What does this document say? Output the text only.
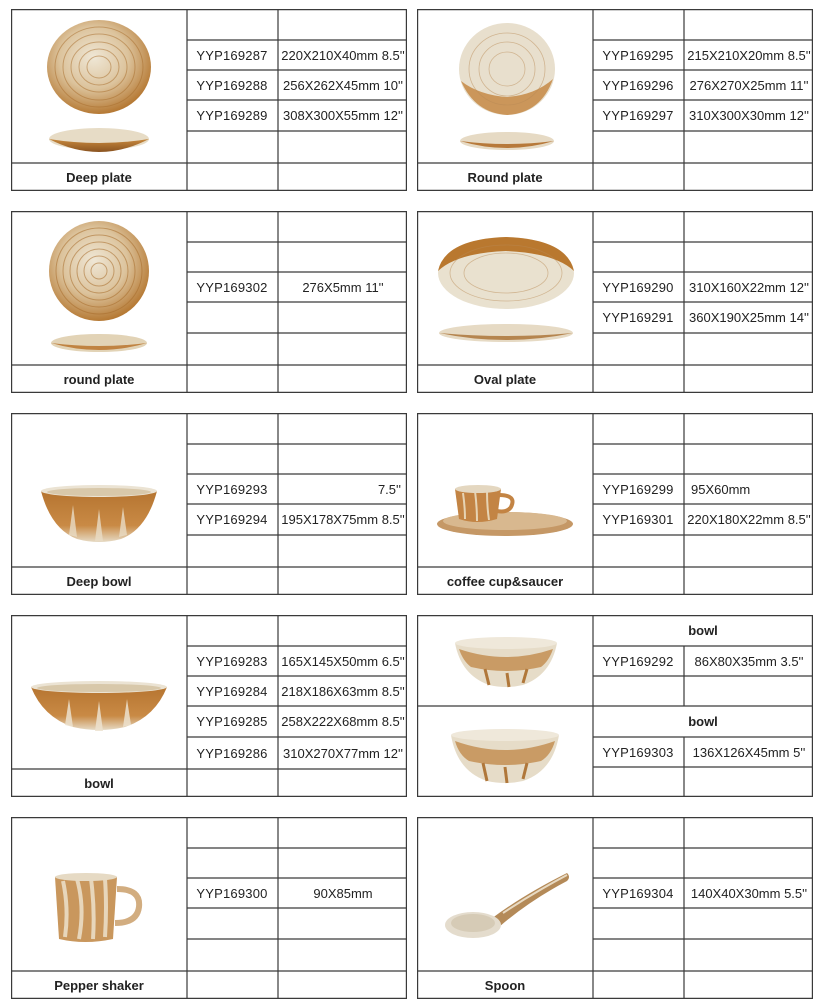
Deep plate
YYP169287	220X210X40mm 8.5''
YYP169288	256X262X45mm 10''
YYP169289	308X300X55mm 12''
Round plate
YYP169295	215X210X20mm 8.5''
YYP169296	276X270X25mm 11''
YYP169297	310X300X30mm 12''
round plate
YYP169302	276X5mm 11''
Oval plate
YYP169290	310X160X22mm 12''
YYP169291	360X190X25mm 14''
Deep bowl
YYP169293	7.5''
YYP169294	195X178X75mm 8.5''
coffee cup&saucer
YYP169299	95X60mm
YYP169301	220X180X22mm 8.5''
bowl
YYP169283	165X145X50mm 6.5''
YYP169284	218X186X63mm 8.5''
YYP169285	258X222X68mm 8.5''
YYP169286	310X270X77mm 12''
bowl
YYP169292	86X80X35mm 3.5''
bowl
YYP169303	136X126X45mm 5''
Pepper shaker
YYP169300	90X85mm
Spoon
YYP169304	140X40X30mm 5.5''
